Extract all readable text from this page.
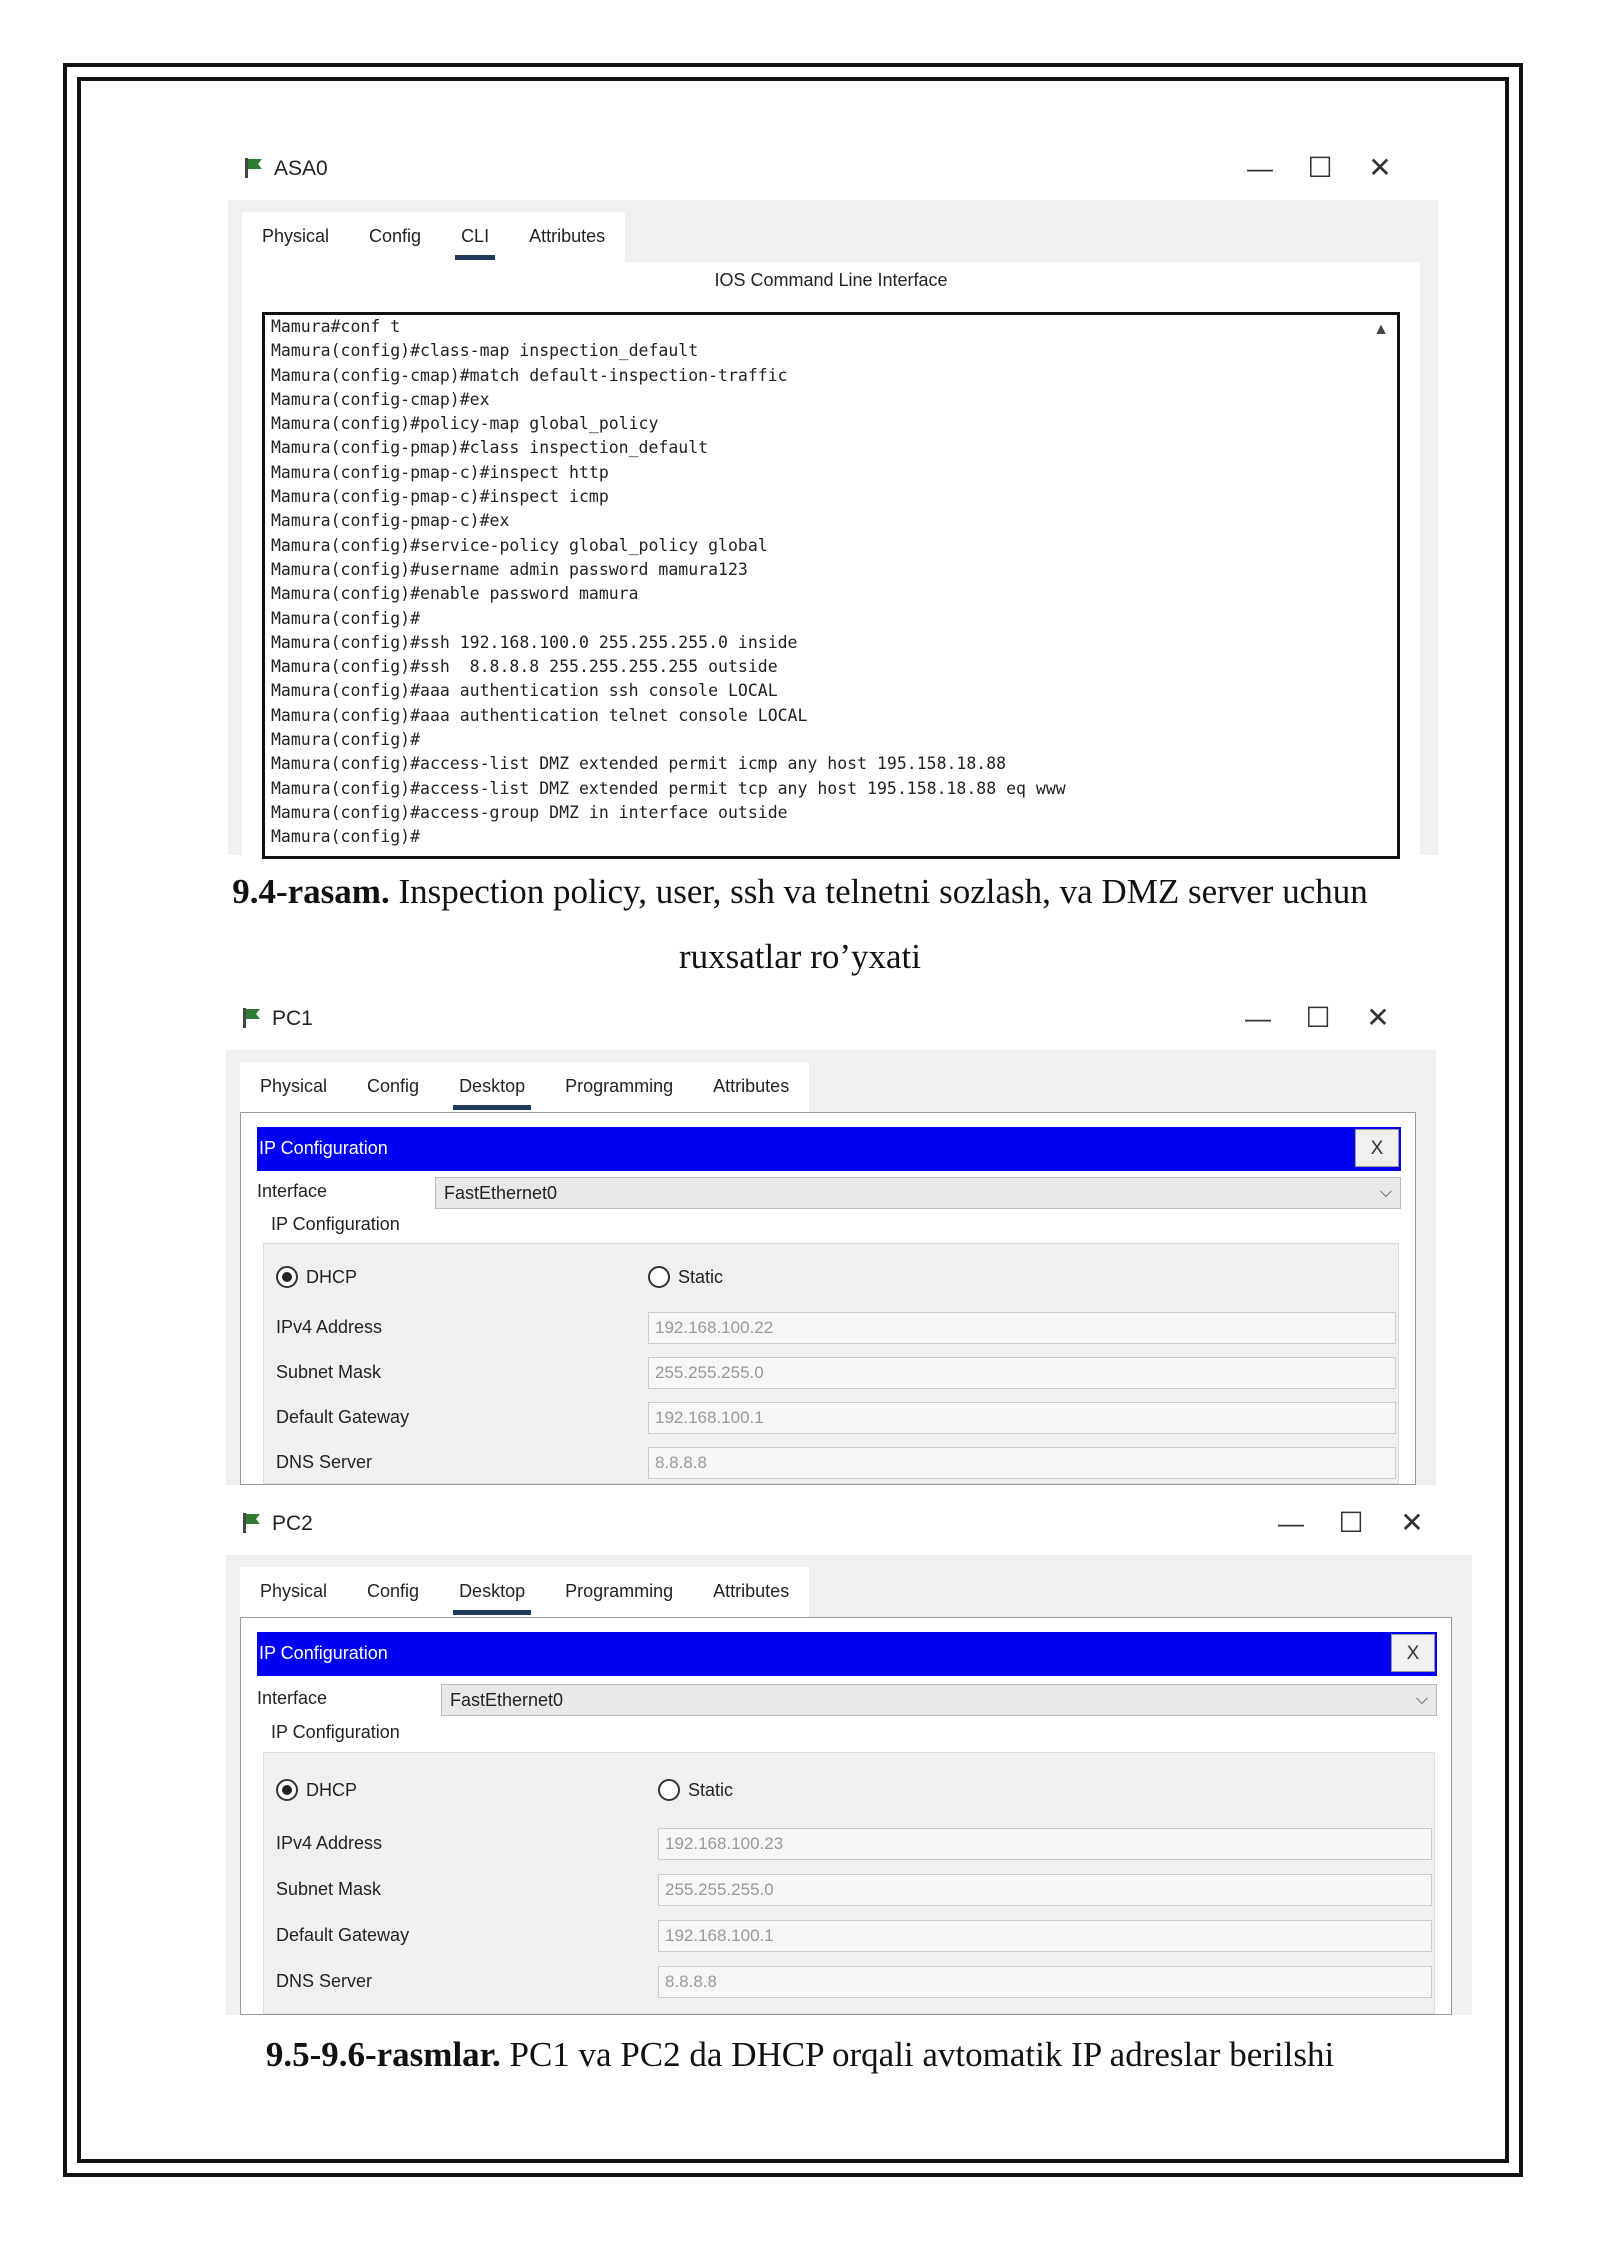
ASA0	— ☐ ✕
Physical	Config	CLI	Attributes
IOS Command Line Interface
Mamura#conf t
Mamura(config)#class-map inspection_default
Mamura(config-cmap)#match default-inspection-traffic
Mamura(config-cmap)#ex
Mamura(config)#policy-map global_policy
Mamura(config-pmap)#class inspection_default
Mamura(config-pmap-c)#inspect http
Mamura(config-pmap-c)#inspect icmp
Mamura(config-pmap-c)#ex
Mamura(config)#service-policy global_policy global
Mamura(config)#username admin password mamura123
Mamura(config)#enable password mamura
Mamura(config)#
Mamura(config)#ssh 192.168.100.0 255.255.255.0 inside
Mamura(config)#ssh  8.8.8.8 255.255.255.255 outside
Mamura(config)#aaa authentication ssh console LOCAL
Mamura(config)#aaa authentication telnet console LOCAL
Mamura(config)#
Mamura(config)#access-list DMZ extended permit icmp any host 195.158.18.88
Mamura(config)#access-list DMZ extended permit tcp any host 195.158.18.88 eq www
Mamura(config)#access-group DMZ in interface outside
Mamura(config)#
▲
9.4-rasam. Inspection policy, user, ssh va telnetni sozlash, va DMZ server uchun
ruxsatlar ro’yxati
PC1	— ☐ ✕
Physical	Config	Desktop	Programming	Attributes
IP Configuration	X
Interface	FastEthernet0	⌵
IP Configuration
DHCP	Static
IPv4 Address	192.168.100.22
Subnet Mask	255.255.255.0
Default Gateway	192.168.100.1
DNS Server	8.8.8.8
PC2	— ☐ ✕
Physical	Config	Desktop	Programming	Attributes
IP Configuration	X
Interface	FastEthernet0	⌵
IP Configuration
DHCP	Static
IPv4 Address	192.168.100.23
Subnet Mask	255.255.255.0
Default Gateway	192.168.100.1
DNS Server	8.8.8.8
9.5-9.6-rasmlar. PC1 va PC2 da DHCP orqali avtomatik IP adreslar berilshi
